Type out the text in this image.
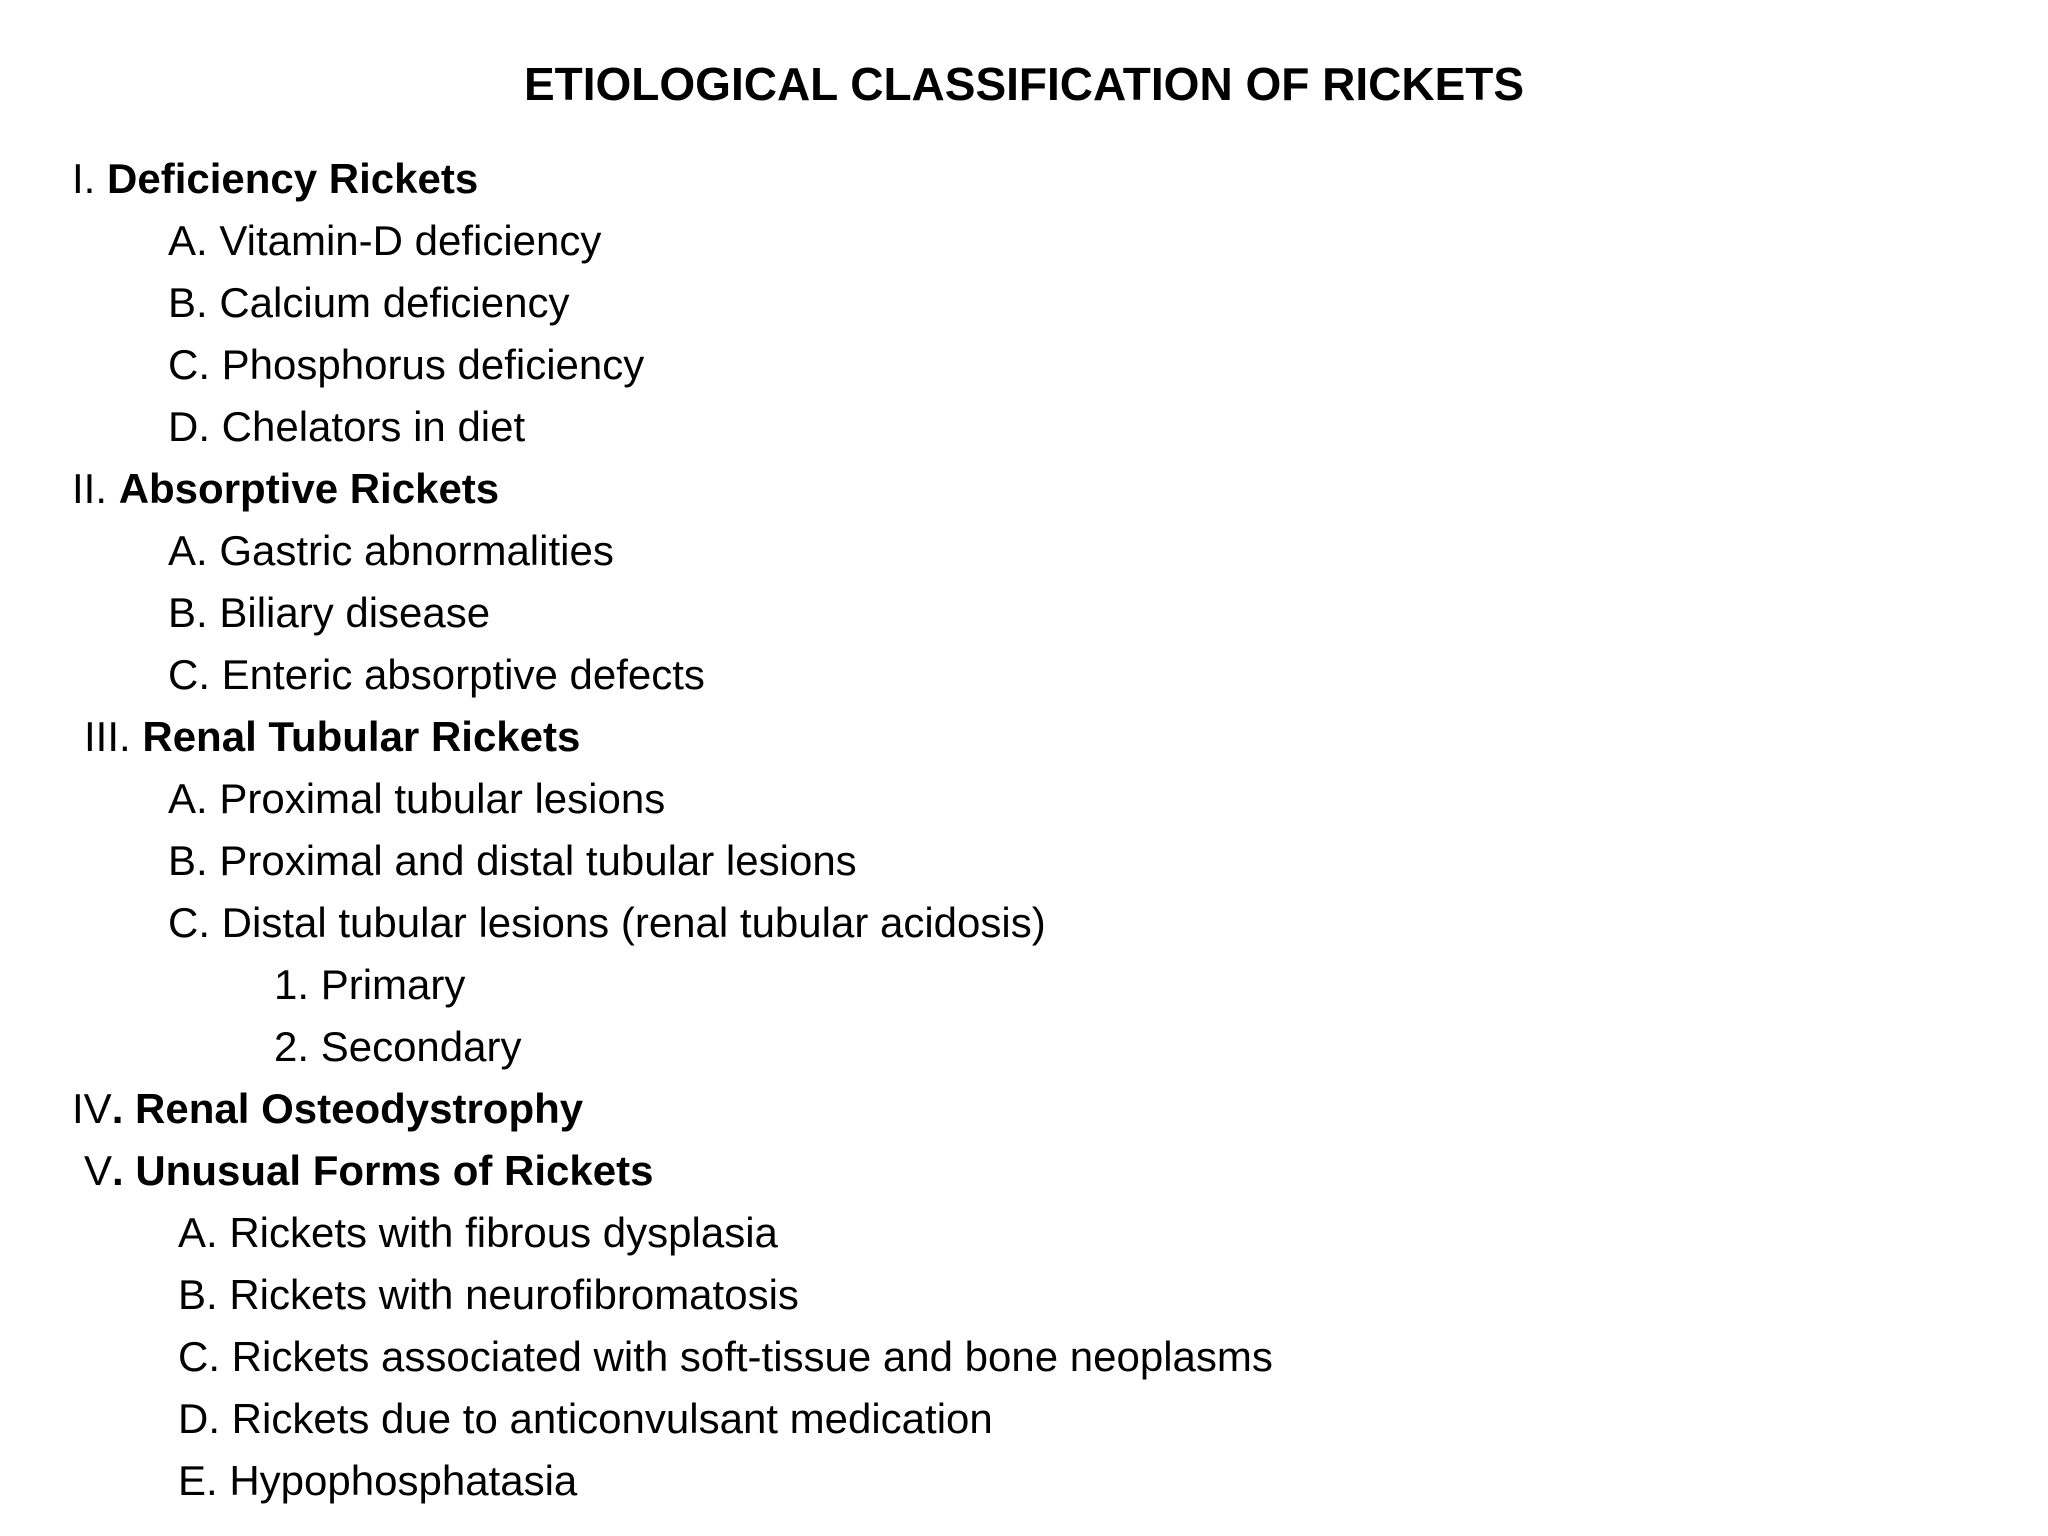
ETIOLOGICAL CLASSIFICATION OF RICKETS
I. Deficiency Rickets
A. Vitamin-D deficiency
B. Calcium deficiency
C. Phosphorus deficiency
D. Chelators in diet
II. Absorptive Rickets
A. Gastric abnormalities
B. Biliary disease
C. Enteric absorptive defects
III. Renal Tubular Rickets
A. Proximal tubular lesions
B. Proximal and distal tubular lesions
C. Distal tubular lesions (renal tubular acidosis)
1. Primary
2. Secondary
IV. Renal Osteodystrophy
V. Unusual Forms of Rickets
A. Rickets with fibrous dysplasia
B. Rickets with neurofibromatosis
C. Rickets associated with soft-tissue and bone neoplasms
D. Rickets due to anticonvulsant medication
E. Hypophosphatasia
